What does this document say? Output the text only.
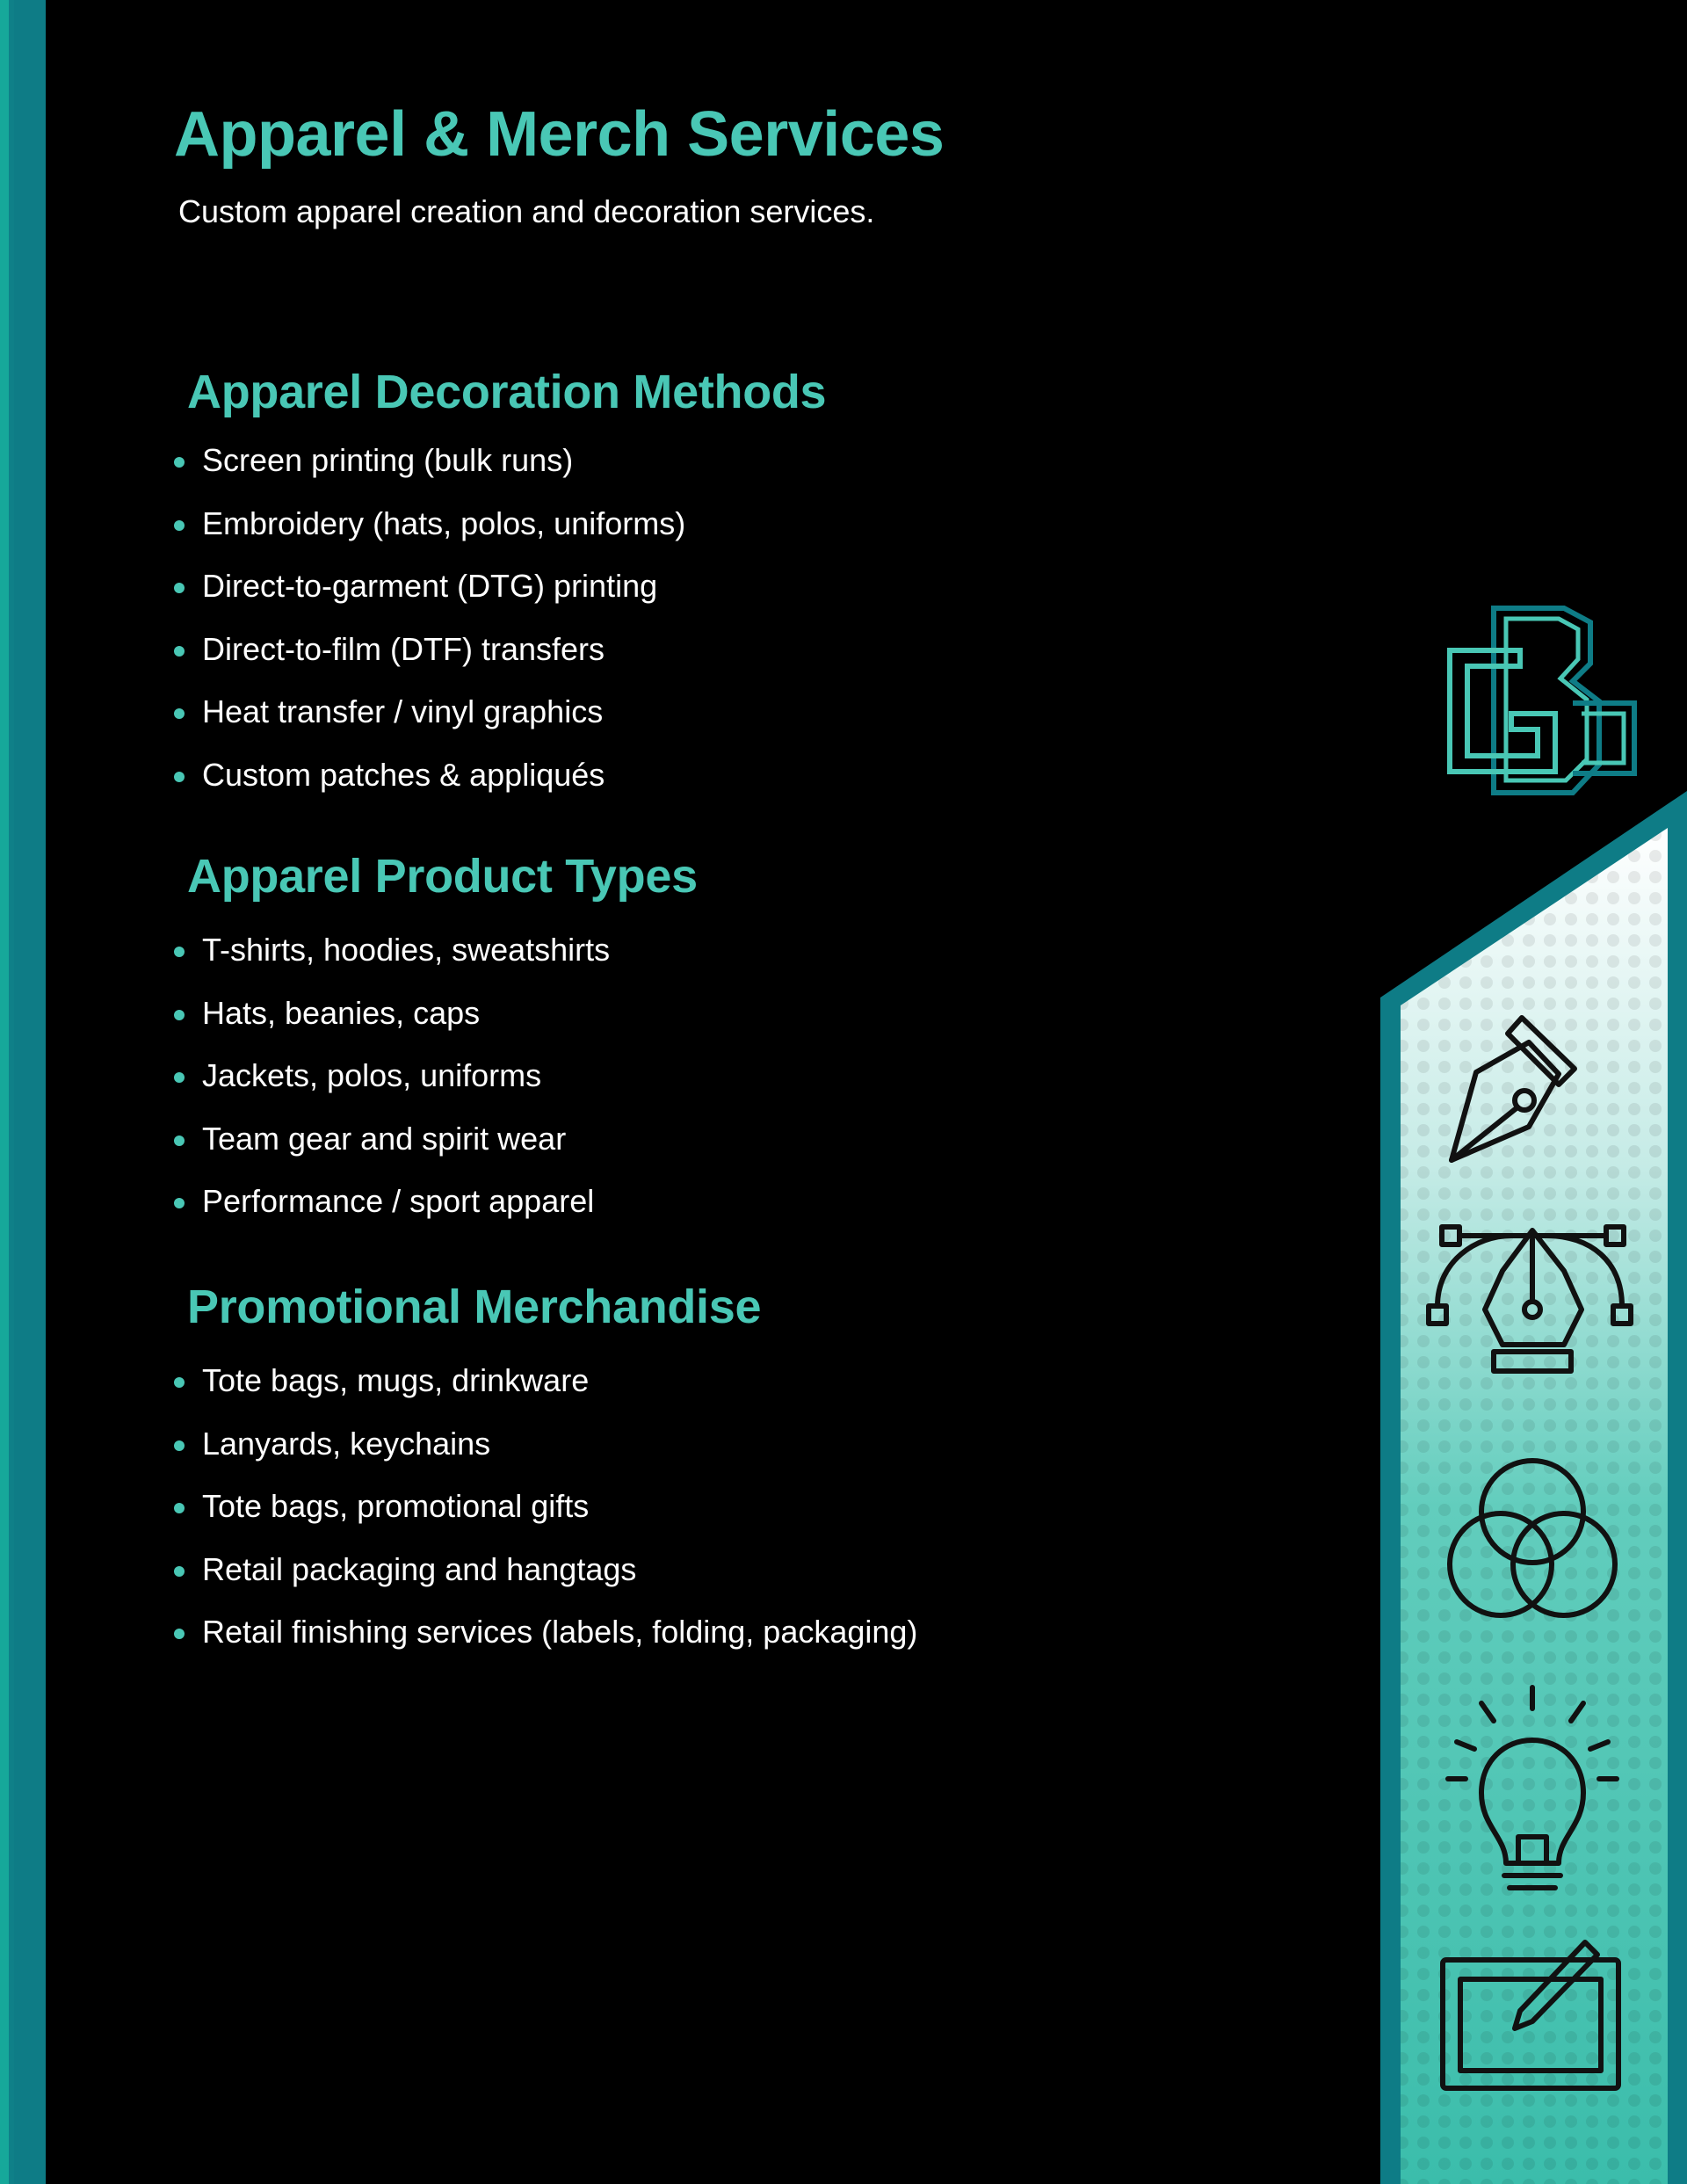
Apparel & Merch Services

Custom apparel creation and decoration services.

Apparel Decoration Methods
Screen printing (bulk runs)
Embroidery (hats, polos, uniforms)
Direct-to-garment (DTG) printing
Direct-to-film (DTF) transfers
Heat transfer / vinyl graphics
Custom patches & appliqués
Apparel Product Types
T-shirts, hoodies, sweatshirts
Hats, beanies, caps
Jackets, polos, uniforms
Team gear and spirit wear
Performance / sport apparel
Promotional Merchandise
Tote bags, mugs, drinkware
Lanyards, keychains
Tote bags, promotional gifts
Retail packaging and hangtags
Retail finishing services (labels, folding, packaging)
